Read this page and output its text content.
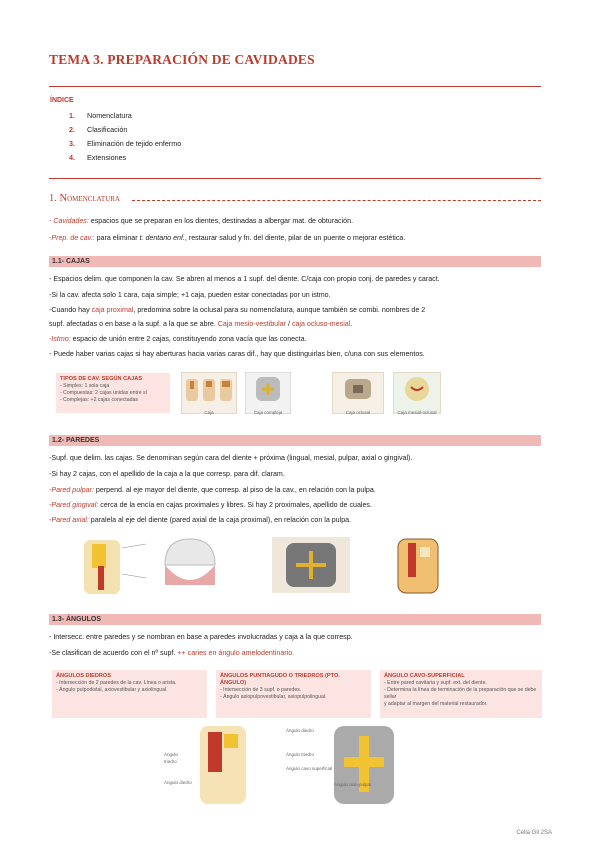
TEMA 3. PREPARACIÓN DE CAVIDADES
ÍNDICE
1. Nomenclatura
2. Clasificación
3. Eliminación de tejido enfermo
4. Extensiones
1. Nomenclatura
- Cavidades: espacios que se preparan en los dientes, destinadas a albergar mat. de obturación.
-Prep. de cav.: para eliminar t. dentario enf., restaurar salud y fn. del diente, pilar de un puente o mejorar estética.
1.1- CAJAS
- Espacios delim. que componen la cav. Se abren al menos a 1 supf. del diente. C/caja con propio conj. de paredes y caract.
-Si la cav. afecta solo 1 cara, caja simple; +1 caja, pueden estar conectadas por un istmo.
-Cuando hay caja proximal, predomina sobre la oclusal para su nomenclatura, aunque también se combi. nombres de 2
supf. afectadas o en base a la supf. a la que se abre. Caja mesio-vestibular / caja ocluso-mesial.
-Istmo: espacio de unión entre 2 cajas, constituyendo zona vacía que las conecta.
- Puede haber varias cajas si hay aberturas hacia varias caras dif., hay que distinguirlas bien, c/una con sus elementos.
TIPOS DE CAV. SEGÚN CAJAS
- Simples: 1 sola caja
- Compuestas: 2 cajas unidas entre sí
- Complejas: +2 cajas conectadas
Caja	Caja compleja	Caja oclusal	Caja mesial-oclusal
1.2- PAREDES
-Supf. que delim. las cajas. Se denominan según cara del diente + próxima (lingual, mesial, pulpar, axial o gingival).
-Si hay 2 cajas, con el apellido de la caja a la que corresp. para dif. claram.
-Pared pulpar: perpend. al eje mayor del diente, que corresp. al piso de la cav., en relación con la pulpa.
-Pared gingival: cerca de la encía en cajas proximales y libres. Si hay 2 proximales, apellido de cuales.
-Pared axial: paralela al eje del diente (pared axial de la caja proximal), en relación con la pulpa.
1.3- ÁNGULOS
- Intersecc. entre paredes y se nombran en base a paredes involucradas y caja a la que corresp.
-Se clasifican de acuerdo con el nº supf. ++ caries en ángulo amelodentinario.
ÁNGULOS DIEDROS
- Intersección de 2 paredes de la cav. Línea o arista.
- Ángulo pulpodistal, axiovestibular y axiolingual.
ÁNGULOS PUNTIAGUDO O TRIEDROS (PTO. ÁNGULO)
- Intersección de 3 supf. o paredes.
- Ángulo axiopulpovestibular, axiopulpolingual.
ÁNGULO CAVO-SUPERFICIAL
- Entre pared cavitaria y supf. ext. del diente.
- Determina la línea de terminación de la preparación que se debe sellar
y adaptar al margen del material restaurador.
Ángulo
triedro
Ángulo diedro
Ángulo diedro
Ángulo triedro
Ángulo cavo superficial
Ángulo axio-pulpar
Celia Gil 2SA
